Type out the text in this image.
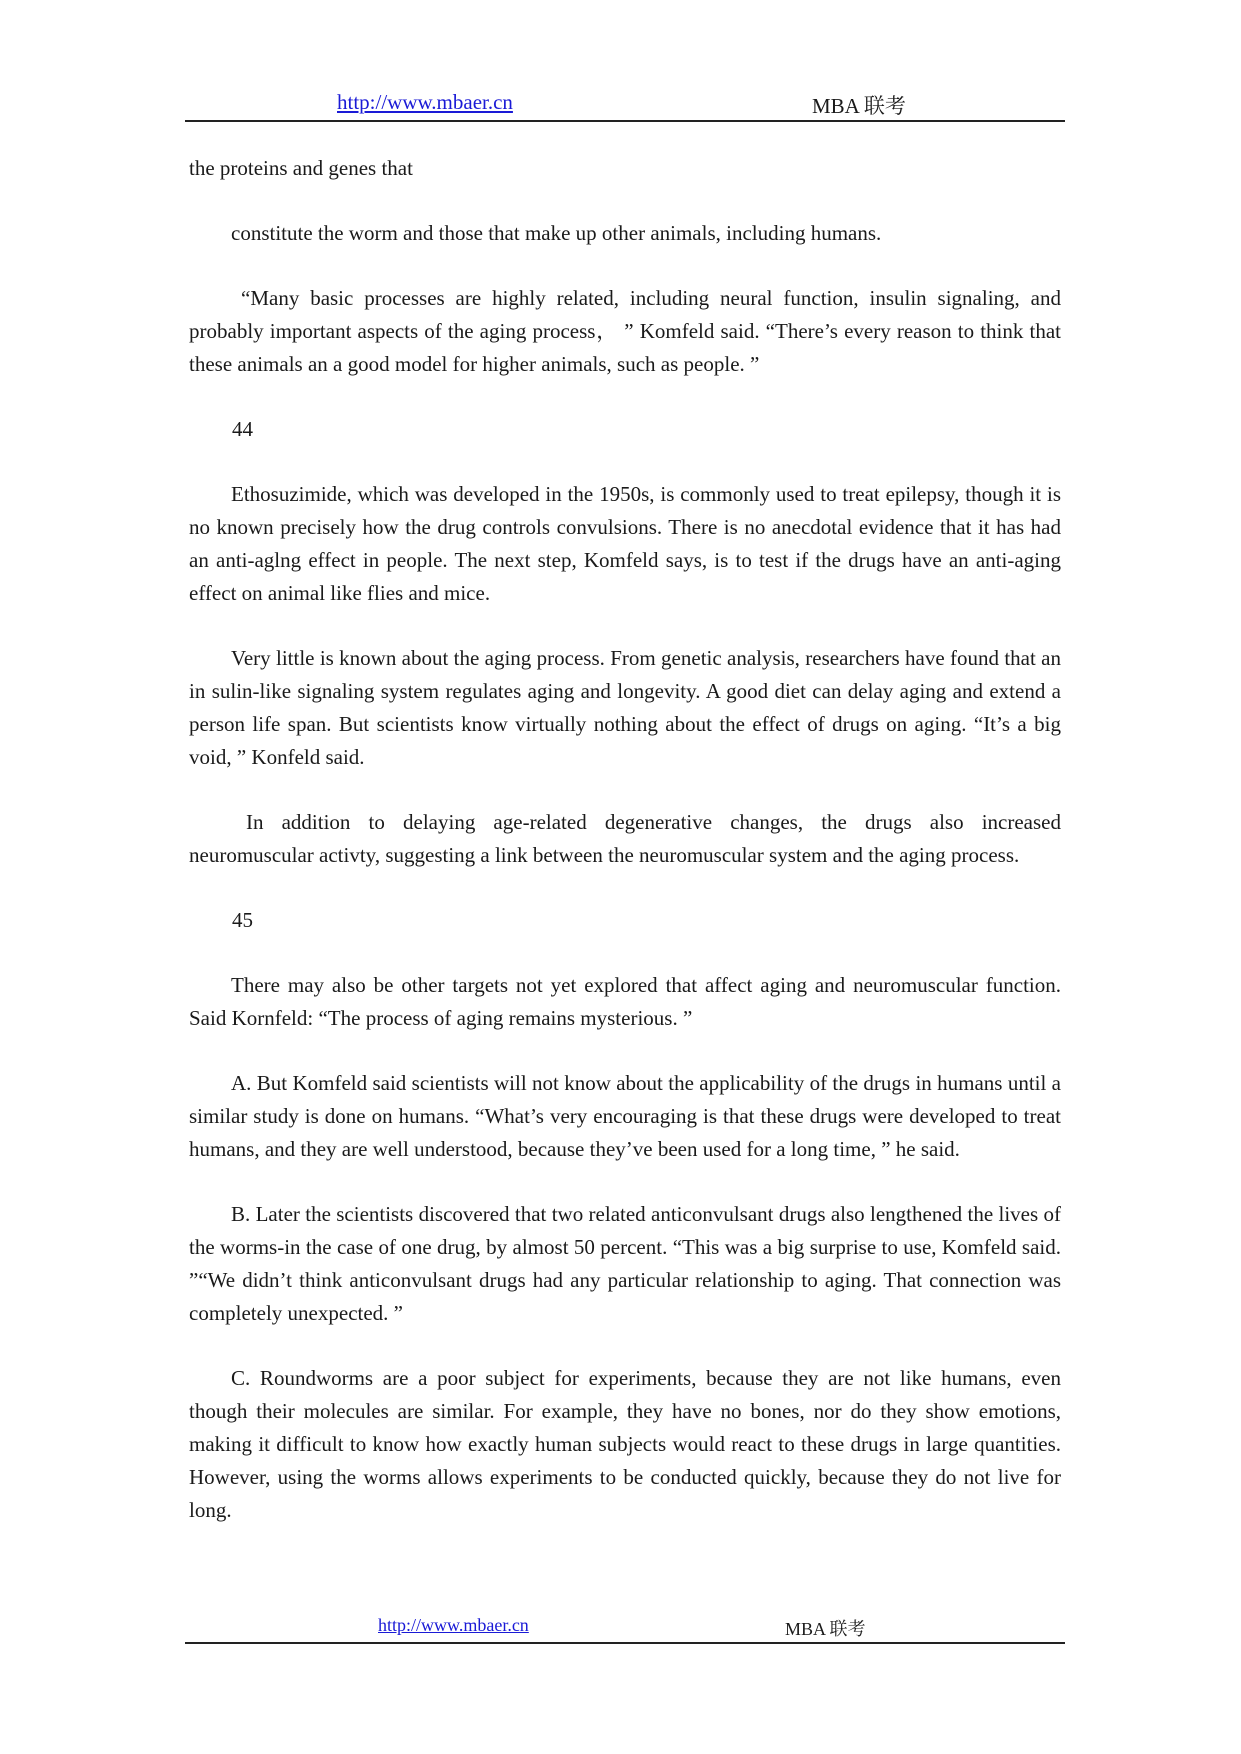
http://www.mbaer.cn	MBA 联考

the proteins and genes that

constitute the worm and those that make up other animals, including humans.

“Many basic processes are highly related, including neural function, insulin signaling, and probably important aspects of the aging process， ” Komfeld said. “There’s every reason to think that these animals an a good model for higher animals, such as people. ”

44

Ethosuzimide, which was developed in the 1950s, is commonly used to treat epilepsy, though it is no known precisely how the drug controls convulsions. There is no anecdotal evidence that it has had an anti-aglng effect in people. The next step, Komfeld says, is to test if the drugs have an anti-aging effect on animal like flies and mice.

Very little is known about the aging process. From genetic analysis, researchers have found that an in sulin-like signaling system regulates aging and longevity. A good diet can delay aging and extend a person life span. But scientists know virtually nothing about the effect of drugs on aging. “It’s a big void, ” Konfeld said.

In addition to delaying age-related degenerative changes, the drugs also increased neuromuscular activty, suggesting a link between the neuromuscular system and the aging process.

45

There may also be other targets not yet explored that affect aging and neuromuscular function. Said Kornfeld: “The process of aging remains mysterious. ”

A. But Komfeld said scientists will not know about the applicability of the drugs in humans until a similar study is done on humans. “What’s very encouraging is that these drugs were developed to treat humans, and they are well understood, because they’ve been used for a long time, ” he said.

B. Later the scientists discovered that two related anticonvulsant drugs also lengthened the lives of the worms-in the case of one drug, by almost 50 percent. “This was a big surprise to use, Komfeld said. ”“We didn’t think anticonvulsant drugs had any particular relationship to aging. That connection was completely unexpected. ”

C. Roundworms are a poor subject for experiments, because they are not like humans, even though their molecules are similar. For example, they have no bones, nor do they show emotions, making it difficult to know how exactly human subjects would react to these drugs in large quantities. However, using the worms allows experiments to be conducted quickly, because they do not live for long.

http://www.mbaer.cn	MBA 联考
